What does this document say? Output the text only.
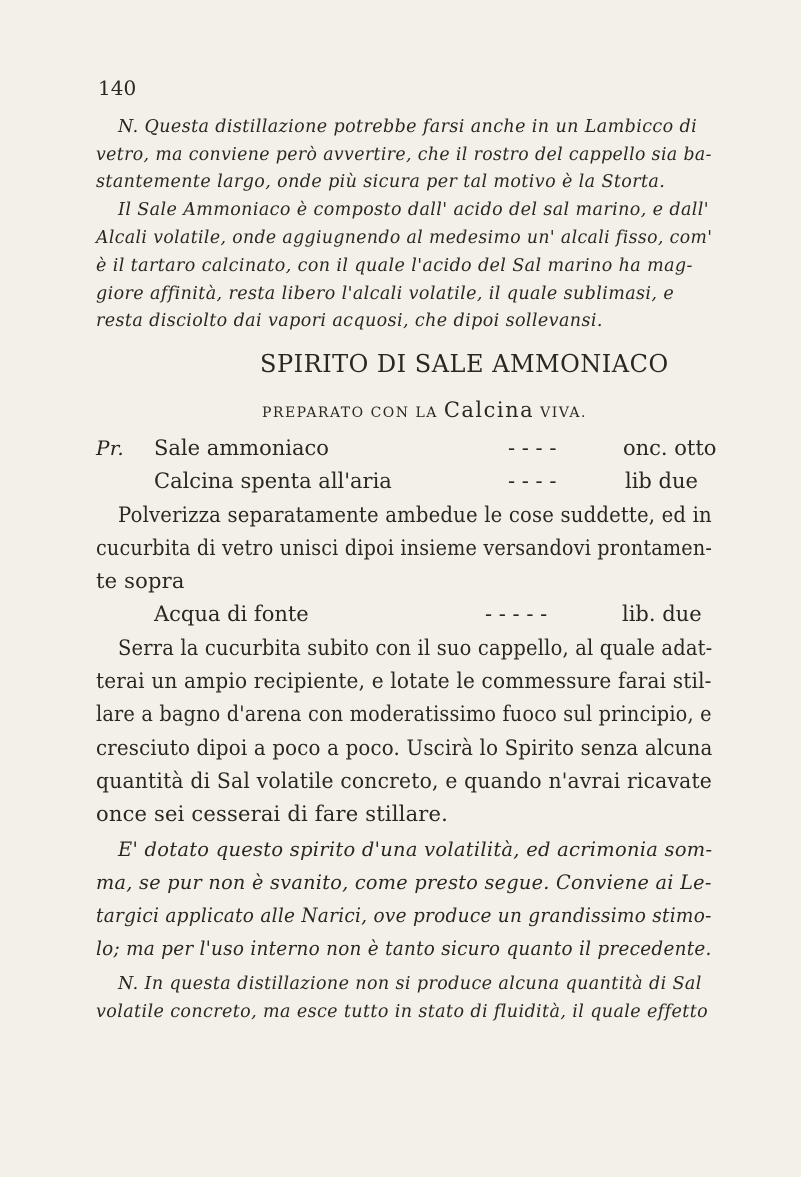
140
N. Questa distillazione potrebbe farsi anche in un Lambicco di
vetro, ma conviene però avvertire, che il rostro del cappello sia ba-
stantemente largo, onde più sicura per tal motivo è la Storta.
Il Sale Ammoniaco è composto dall' acido del sal marino, e dall'
Alcali volatile, onde aggiugnendo al medesimo un' alcali fisso, com'
è il tartaro calcinato, con il quale l'acido del Sal marino ha mag-
giore affinità, resta libero l'alcali volatile, il quale sublimasi, e
resta disciolto dai vapori acquosi, che dipoi sollevansi.
SPIRITO DI SALE AMMONIACO
PREPARATO CON LA Calcina VIVA.
Pr. Sale ammoniaco	- - - -	onc. otto
Calcina spenta all'aria	- - - -	lib due
Polverizza separatamente ambedue le cose suddette, ed in
cucurbita di vetro unisci dipoi insieme versandovi prontamen-
te sopra
Acqua di fonte	- - - - -	lib. due
Serra la cucurbita subito con il suo cappello, al quale adat-
terai un ampio recipiente, e lotate le commessure farai stil-
lare a bagno d'arena con moderatissimo fuoco sul principio, e
cresciuto dipoi a poco a poco. Uscirà lo Spirito senza alcuna
quantità di Sal volatile concreto, e quando n'avrai ricavate
once sei cesserai di fare stillare.
E' dotato questo spirito d'una volatilità, ed acrimonia som-
ma, se pur non è svanito, come presto segue. Conviene ai Le-
targici applicato alle Narici, ove produce un grandissimo stimo-
lo; ma per l'uso interno non è tanto sicuro quanto il precedente.
N. In questa distillazione non si produce alcuna quantità di Sal
volatile concreto, ma esce tutto in stato di fluidità, il quale effetto
